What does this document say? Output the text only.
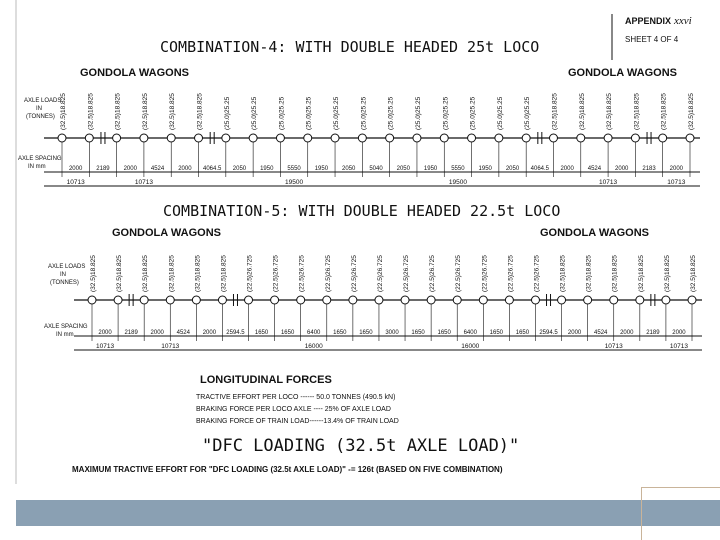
APPENDIX xxvi
SHEET 4 OF 4
COMBINATION-4: WITH DOUBLE HEADED 25t LOCO
GONDOLA WAGONS	GONDOLA WAGONS
AXLE LOADS
IN
(TONNES)
AXLE SPACING
IN mm
(32.5)18.825	(32.5)18.825	(32.5)18.825	(32.5)18.825	(32.5)18.825	(32.5)18.825	(25.0)25.25	(25.0)25.25	(25.0)25.25	(25.0)25.25	(25.0)25.25	(25.0)25.25	(25.0)25.25	(25.0)25.25	(25.0)25.25	(25.0)25.25	(25.0)25.25	(25.0)25.25	(32.5)18.825	(32.5)18.825	(32.5)18.825	(32.5)18.825	(32.5)18.825	(32.5)18.825
2000 2189 2000 4524 2000 4064.5 2050 1950 5550 1950 2050 5040 2050 1950 5550 1950 2050 4064.5 2000 4524 2000 2183 2000
10713	10713	19500	19500	10713	10713
COMBINATION-5: WITH DOUBLE HEADED 22.5t LOCO
GONDOLA WAGONS	GONDOLA WAGONS
AXLE LOADS
IN
(TONNES)
AXLE SPACING
IN mm
(32.5)18.825	(32.5)18.825	(32.5)18.825	(32.5)18.825	(32.5)18.825	(32.5)18.825	(22.5)26.725	(22.5)26.725	(22.5)26.725	(22.5)26.725	(22.5)26.725	(22.5)26.725	(22.5)26.725	(22.5)26.725	(22.5)26.725	(22.5)26.725	(22.5)26.725	(22.5)26.725	(32.5)18.825	(32.5)18.825	(32.5)18.825	(32.5)18.825	(32.5)18.825	(32.5)18.825
2000 2189 2000 4524 2000 2594.5 1650 1650 6400 1650 1650 3000 1650 1650 6400 1650 1650 2594.5 2000 4524 2000 2189 2000
10713	10713	16000	16000	10713	10713
LONGITUDINAL FORCES
TRACTIVE EFFORT PER LOCO ------ 50.0 TONNES (490.5 kN)
BRAKING FORCE PER LOCO AXLE ---- 25% OF AXLE LOAD
BRAKING FORCE OF TRAIN LOAD------13.4% OF TRAIN LOAD
"DFC LOADING (32.5t AXLE LOAD)"
MAXIMUM TRACTIVE EFFORT FOR "DFC LOADING (32.5t AXLE LOAD)" -= 126t (BASED ON FIVE COMBINATION)
